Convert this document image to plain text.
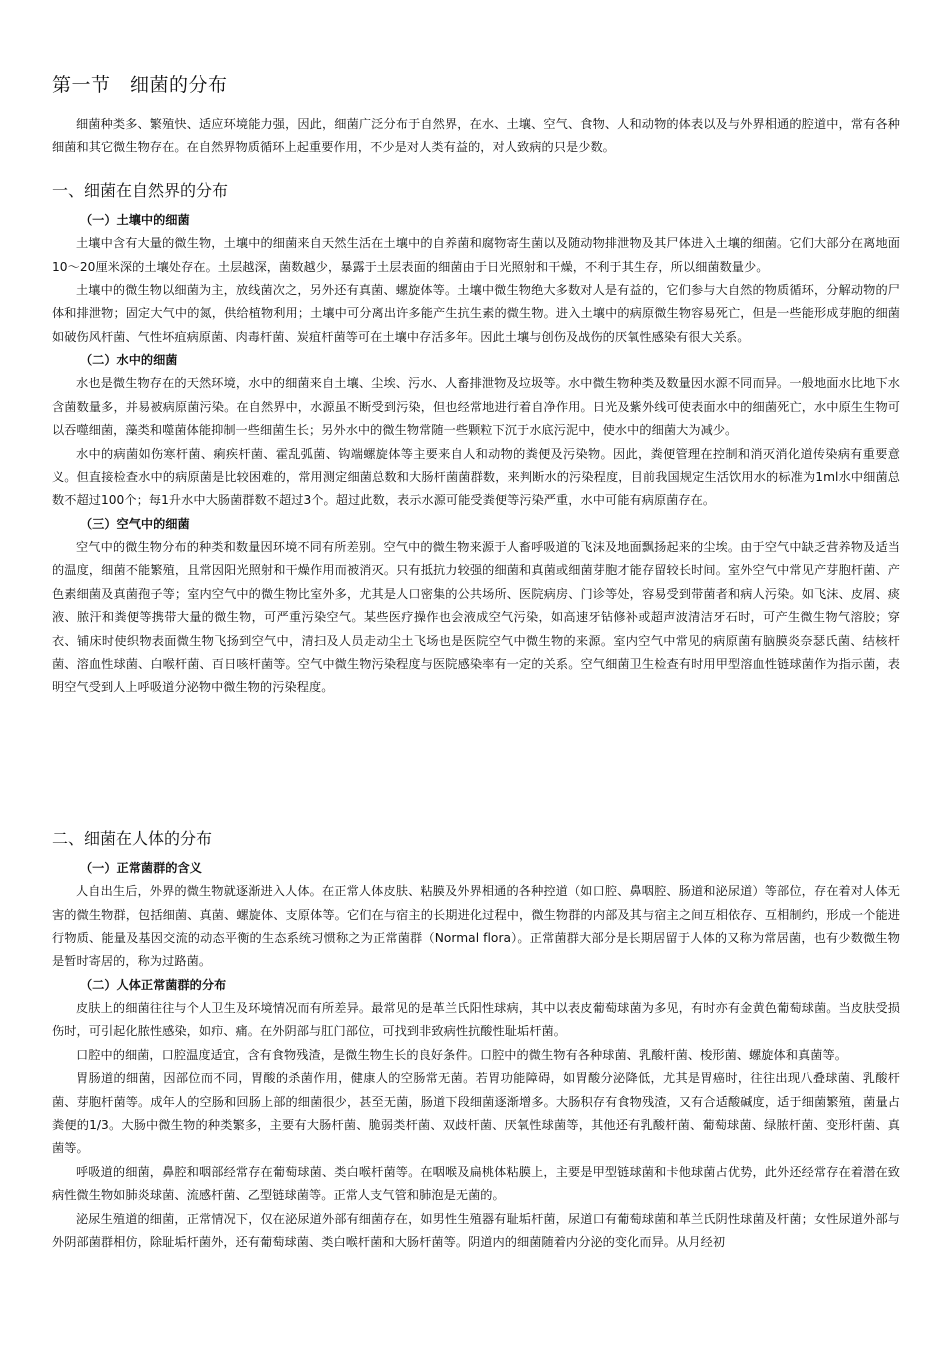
第一节　细菌的分布

细菌种类多、繁殖快、适应环境能力强，因此，细菌广泛分布于自然界，在水、土壤、空气、食物、人和动物的体表以及与外界相通的腔道中，常有各种细菌和其它微生物存在。在自然界物质循环上起重要作用，不少是对人类有益的，对人致病的只是少数。

一、细菌在自然界的分布
（一）土壤中的细菌

土壤中含有大量的微生物，土壤中的细菌来自天然生活在土壤中的自养菌和腐物寄生菌以及随动物排泄物及其尸体进入土壤的细菌。它们大部分在离地面10～20厘米深的土壤处存在。土层越深，菌数越少，暴露于土层表面的细菌由于日光照射和干燥，不利于其生存，所以细菌数量少。

土壤中的微生物以细菌为主，放线菌次之，另外还有真菌、螺旋体等。土壤中微生物绝大多数对人是有益的，它们参与大自然的物质循环，分解动物的尸体和排泄物；固定大气中的氮，供给植物利用；土壤中可分离出许多能产生抗生素的微生物。进入土壤中的病原微生物容易死亡，但是一些能形成芽胞的细菌如破伤风杆菌、气性坏疽病原菌、肉毒杆菌、炭疽杆菌等可在土壤中存活多年。因此土壤与创伤及战伤的厌氧性感染有很大关系。

（二）水中的细菌

水也是微生物存在的天然环境，水中的细菌来自土壤、尘埃、污水、人畜排泄物及垃圾等。水中微生物种类及数量因水源不同而异。一般地面水比地下水含菌数量多，并易被病原菌污染。在自然界中，水源虽不断受到污染，但也经常地进行着自净作用。日光及紫外线可使表面水中的细菌死亡，水中原生生物可以吞噬细菌，藻类和噬菌体能抑制一些细菌生长；另外水中的微生物常随一些颗粒下沉于水底污泥中，使水中的细菌大为减少。

水中的病菌如伤寒杆菌、痢疾杆菌、霍乱弧菌、钩端螺旋体等主要来自人和动物的粪便及污染物。因此，粪便管理在控制和消灭消化道传染病有重要意义。但直接检查水中的病原菌是比较困难的，常用测定细菌总数和大肠杆菌菌群数，来判断水的污染程度，目前我国规定生活饮用水的标准为1ml水中细菌总数不超过100个；每1升水中大肠菌群数不超过3个。超过此数，表示水源可能受粪便等污染严重，水中可能有病原菌存在。

（三）空气中的细菌

空气中的微生物分布的种类和数量因环境不同有所差别。空气中的微生物来源于人畜呼吸道的飞沫及地面飘扬起来的尘埃。由于空气中缺乏营养物及适当的温度，细菌不能繁殖，且常因阳光照射和干燥作用而被消灭。只有抵抗力较强的细菌和真菌或细菌芽胞才能存留较长时间。室外空气中常见产芽胞杆菌、产色素细菌及真菌孢子等；室内空气中的微生物比室外多，尤其是人口密集的公共场所、医院病房、门诊等处，容易受到带菌者和病人污染。如飞沫、皮屑、痰液、脓汗和粪便等携带大量的微生物，可严重污染空气。某些医疗操作也会液成空气污染，如高速牙钻修补或超声波清洁牙石时，可产生微生物气溶胶；穿衣、铺床时使织物表面微生物飞扬到空气中，清扫及人员走动尘土飞场也是医院空气中微生物的来源。室内空气中常见的病原菌有脑膜炎奈瑟氏菌、结核杆菌、溶血性球菌、白喉杆菌、百日咳杆菌等。空气中微生物污染程度与医院感染率有一定的关系。空气细菌卫生检查有时用甲型溶血性链球菌作为指示菌，表明空气受到人上呼吸道分泌物中微生物的污染程度。

二、细菌在人体的分布
（一）正常菌群的含义

人自出生后，外界的微生物就逐渐进入人体。在正常人体皮肤、粘膜及外界相通的各种控道（如口腔、鼻咽腔、肠道和泌尿道）等部位，存在着对人体无害的微生物群，包括细菌、真菌、螺旋体、支原体等。它们在与宿主的长期进化过程中，微生物群的内部及其与宿主之间互相依存、互相制约，形成一个能进行物质、能量及基因交流的动态平衡的生态系统习惯称之为正常菌群（Normal flora）。正常菌群大部分是长期居留于人体的又称为常居菌，也有少数微生物是暂时寄居的，称为过路菌。

（二）人体正常菌群的分布

皮肤上的细菌往往与个人卫生及环境情况而有所差异。最常见的是革兰氏阳性球病，其中以表皮葡萄球菌为多见，有时亦有金黄色葡萄球菌。当皮肤受损伤时，可引起化脓性感染，如疖、痛。在外阴部与肛门部位，可找到非致病性抗酸性耻垢杆菌。

口腔中的细菌，口腔温度适宜，含有食物残渣，是微生物生长的良好条件。口腔中的微生物有各种球菌、乳酸杆菌、梭形菌、螺旋体和真菌等。

胃肠道的细菌，因部位而不同，胃酸的杀菌作用，健康人的空肠常无菌。若胃功能障碍，如胃酸分泌降低，尤其是胃癌时，往往出现八叠球菌、乳酸杆菌、芽胞杆菌等。成年人的空肠和回肠上部的细菌很少，甚至无菌，肠道下段细菌逐渐增多。大肠积存有食物残渣，又有合适酸碱度，适于细菌繁殖，菌量占粪便的1/3。大肠中微生物的种类繁多，主要有大肠杆菌、脆弱类杆菌、双歧杆菌、厌氧性球菌等，其他还有乳酸杆菌、葡萄球菌、绿脓杆菌、变形杆菌、真菌等。

呼吸道的细菌，鼻腔和咽部经常存在葡萄球菌、类白喉杆菌等。在咽喉及扁桃体粘膜上，主要是甲型链球菌和卡他球菌占优势，此外还经常存在着潜在致病性微生物如肺炎球菌、流感杆菌、乙型链球菌等。正常人支气管和肺泡是无菌的。

泌尿生殖道的细菌，正常情况下，仅在泌尿道外部有细菌存在，如男性生殖器有耻垢杆菌，尿道口有葡萄球菌和革兰氏阴性球菌及杆菌；女性尿道外部与外阴部菌群相仿，除耻垢杆菌外，还有葡萄球菌、类白喉杆菌和大肠杆菌等。阴道内的细菌随着内分泌的变化而异。从月经初
